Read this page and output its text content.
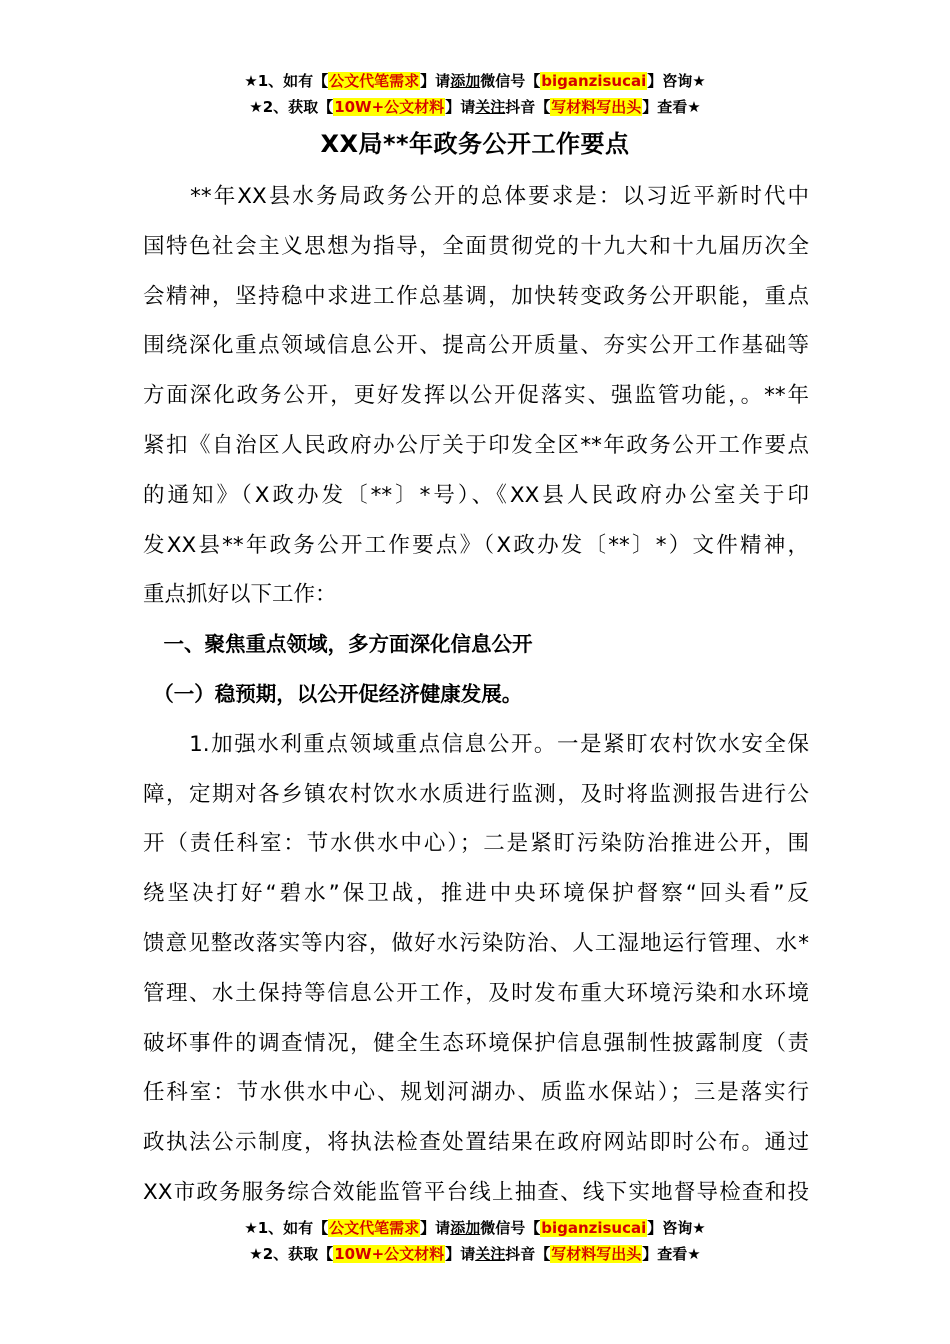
★1、如有【公文代笔需求】请添加微信号【biganzisucai】咨询★
★2、获取【10W+公文材料】请关注抖音【写材料写出头】查看★
XX局**年政务公开工作要点
　　**年XX县水务局政务公开的总体要求是：以习近平新时代中
国特色社会主义思想为指导，全面贯彻党的十九大和十九届历次全
会精神，坚持稳中求进工作总基调，加快转变政务公开职能，重点
围绕深化重点领域信息公开、提高公开质量、夯实公开工作基础等
方面深化政务公开，更好发挥以公开促落实、强监管功能，。**年
紧扣《自治区人民政府办公厅关于印发全区**年政务公开工作要点
的通知》（X政办发〔**〕*号）、《XX县人民政府办公室关于印
发XX县**年政务公开工作要点》（X政办发〔**〕*）文件精神，
重点抓好以下工作：
　一、聚焦重点领域，多方面深化信息公开
　（一）稳预期，以公开促经济健康发展。
　　1.加强水利重点领域重点信息公开。一是紧盯农村饮水安全保
障，定期对各乡镇农村饮水水质进行监测，及时将监测报告进行公
开（责任科室：节水供水中心）；二是紧盯污染防治推进公开，围
绕坚决打好“碧水”保卫战，推进中央环境保护督察“回头看”反
馈意见整改落实等内容，做好水污染防治、人工湿地运行管理、水*
管理、水土保持等信息公开工作，及时发布重大环境污染和水环境
破坏事件的调查情况，健全生态环境保护信息强制性披露制度（责
任科室：节水供水中心、规划河湖办、质监水保站）；三是落实行
政执法公示制度，将执法检查处置结果在政府网站即时公布。通过
XX市政务服务综合效能监管平台线上抽查、线下实地督导检查和投
★1、如有【公文代笔需求】请添加微信号【biganzisucai】咨询★
★2、获取【10W+公文材料】请关注抖音【写材料写出头】查看★
